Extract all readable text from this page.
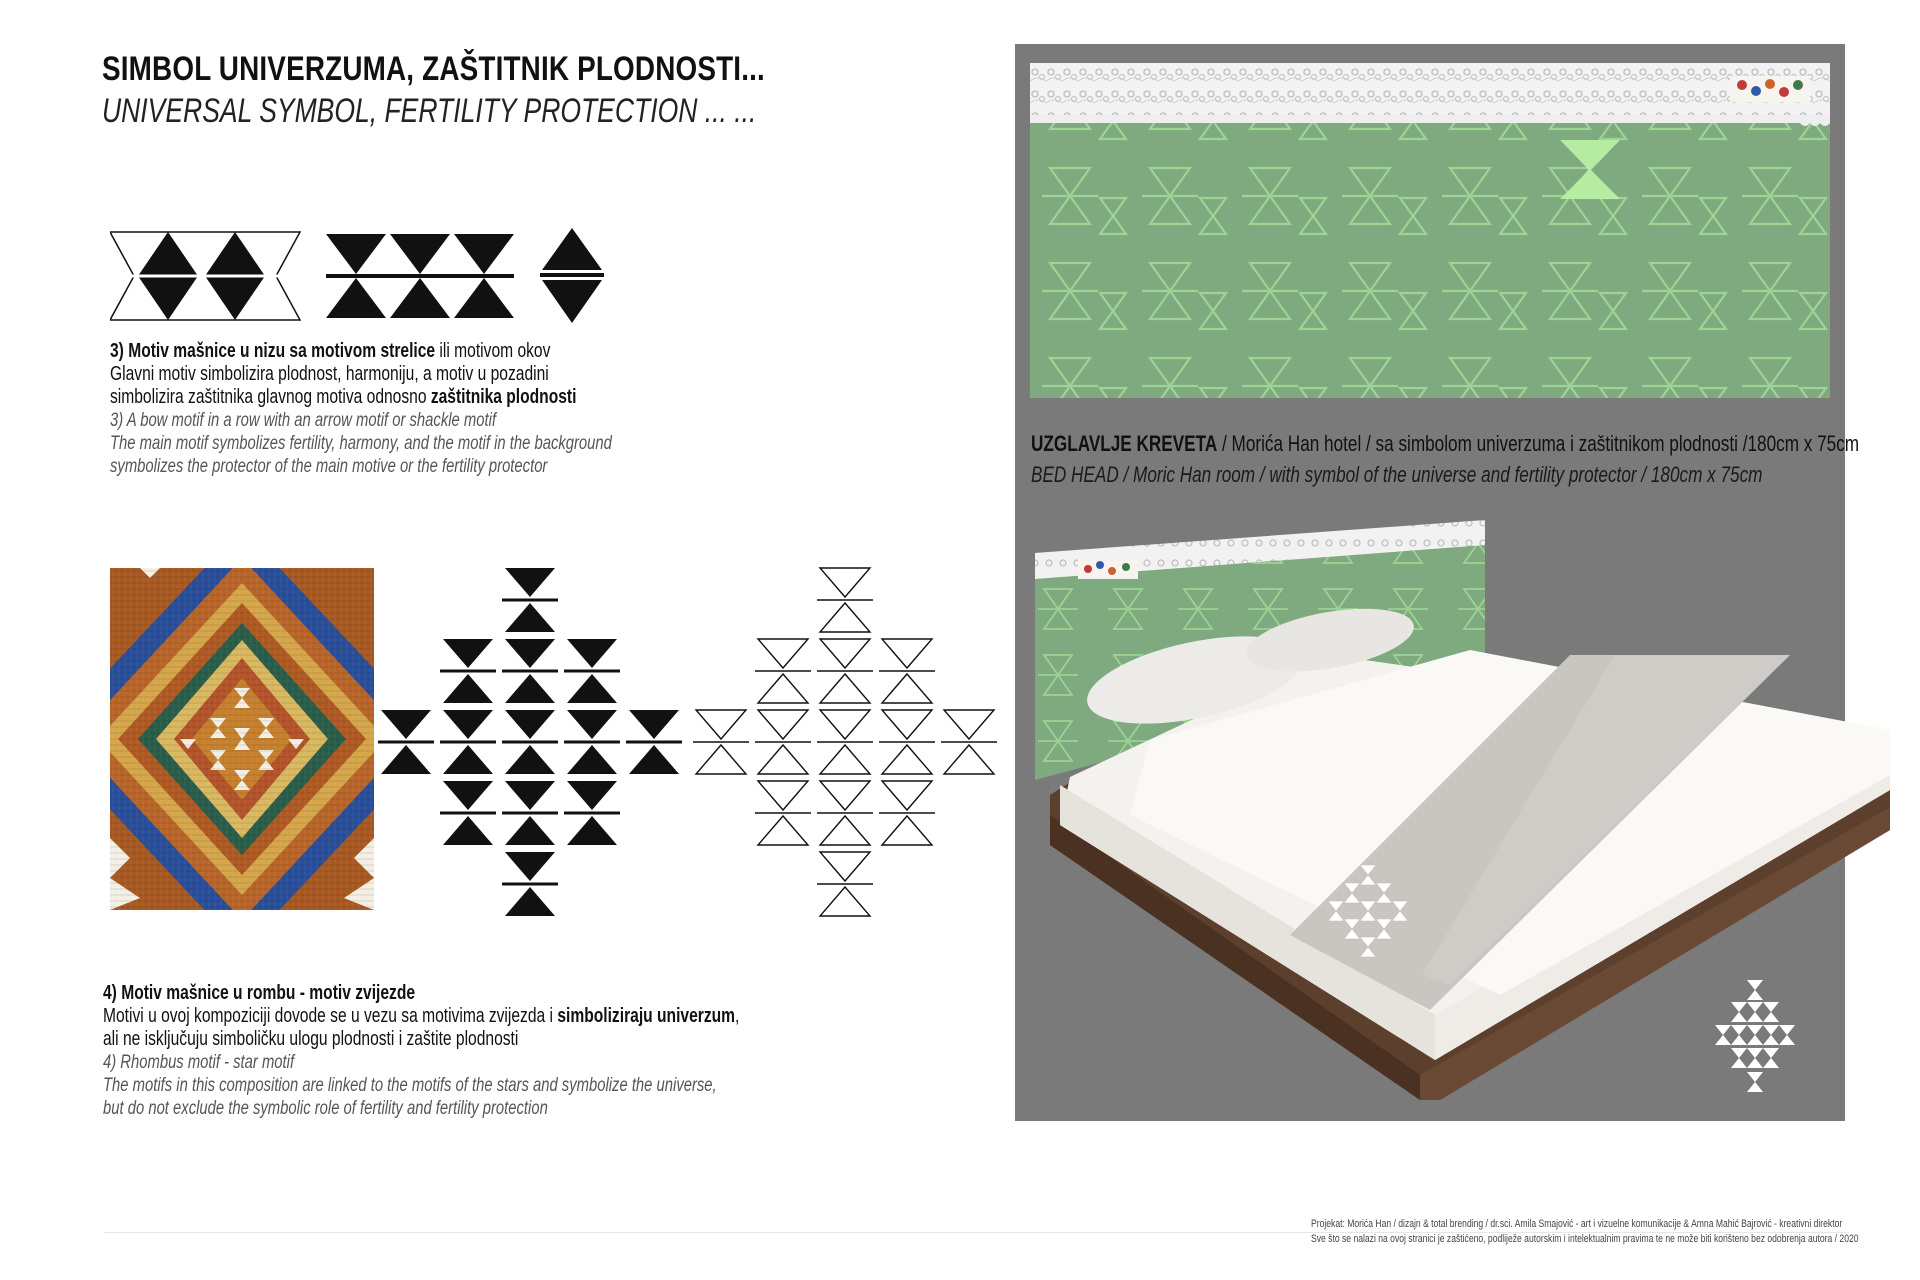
SIMBOL UNIVERZUMA, ZAŠTITNIK PLODNOSTI...
UNIVERSAL SYMBOL, FERTILITY PROTECTION ... ...
3) Motiv mašnice u nizu sa motivom strelice ili motivom okov
Glavni motiv simbolizira plodnost, harmoniju, a motiv u pozadini
simbolizira zaštitnika glavnog motiva odnosno zaštitnika plodnosti
3) A bow motif in a row with an arrow motif or shackle motif
The main motif symbolizes fertility, harmony, and the motif in the background
symbolizes the protector of the main motive or the fertility protector
4) Motiv mašnice u rombu - motiv zvijezde
Motivi u ovoj kompoziciji dovode se u vezu sa motivima zvijezda i simboliziraju univerzum,
ali ne isključuju simboličku ulogu plodnosti i zaštite plodnosti
4) Rhombus motif - star motif
The motifs in this composition are linked to the motifs of the stars and symbolize the universe,
but do not exclude the symbolic role of fertility and fertility protection
UZGLAVLJE KREVETA / Morića Han hotel / sa simbolom univerzuma i zaštitnikom plodnosti /180cm x 75cm
BED HEAD / Moric Han room / with symbol of the universe and fertility protector / 180cm x 75cm
Projekat: Morića Han / dizajn & total brending / dr.sci. Amila Smajović - art i vizuelne komunikacije & Amna Mahić Bajrović - kreativni direktor
Sve što se nalazi na ovoj stranici je zaštićeno, podliježe autorskim i intelektualnim pravima te ne može biti korišteno bez odobrenja autora / 2020
